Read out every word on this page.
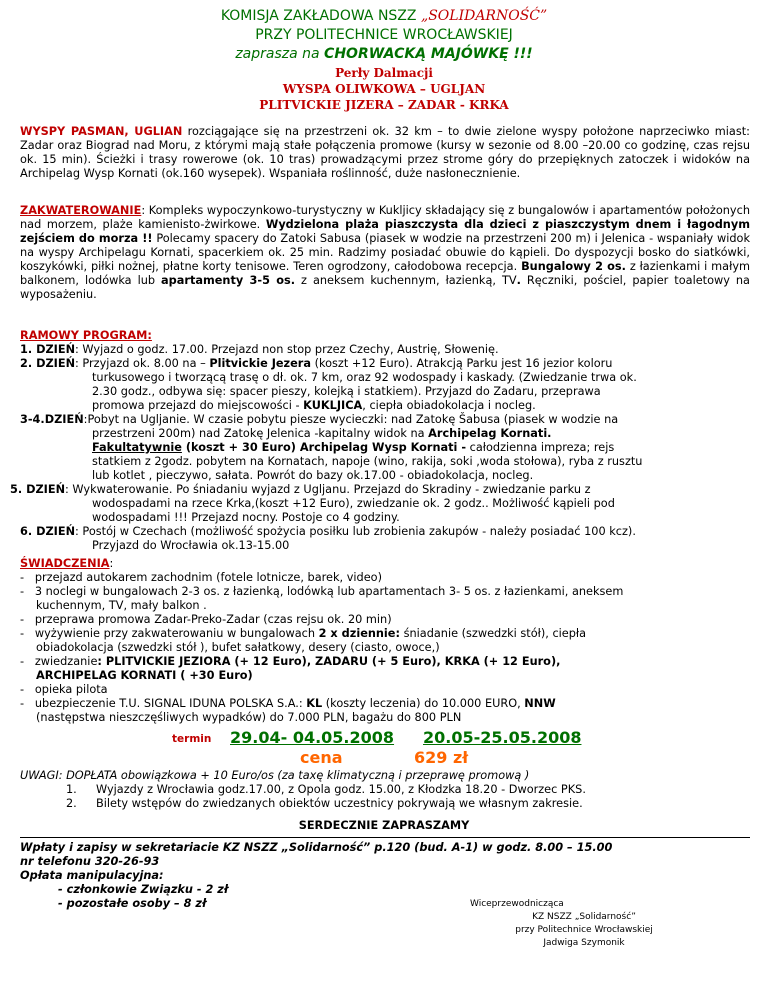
KOMISJA ZAKŁADOWA NSZZ „SOLIDARNOŚĆ”
PRZY POLITECHNICE WROCŁAWSKIEJ
zaprasza na CHORWACKĄ MAJÓWKĘ !!!
Perły Dalmacji
WYSPA OLIWKOWA – UGLJAN
PLITVICKIE JIZERA – ZADAR - KRKA
WYSPY PASMAN, UGLIAN rozciągające się na przestrzeni ok. 32 km – to dwie zielone wyspy położone naprzeciwko miast: Zadar oraz Biograd nad Moru, z którymi mają stałe połączenia promowe (kursy w sezonie od 8.00 –20.00 co godzinę, czas rejsu ok. 15 min). Ścieżki i trasy rowerowe (ok. 10 tras) prowadzącymi przez strome góry do przepięknych zatoczek i widoków na Archipelag Wysp Kornati (ok.160 wysepek). Wspaniała roślinność, duże nasłonecznienie.
ZAKWATEROWANIE: Kompleks wypoczynkowo-turystyczny w Kukljicy składający się z bungalowów i apartamentów położonych nad morzem, plaże kamienisto-żwirkowe. Wydzielona plaża piaszczysta dla dzieci z piaszczystym dnem i łagodnym zejściem do morza !! Polecamy spacery do Zatoki Sabusa (piasek w wodzie na przestrzeni 200 m) i Jelenica - wspaniały widok na wyspy Archipelagu Kornati, spacerkiem ok. 25 min. Radzimy posiadać obuwie do kąpieli. Do dyspozycji bosko do siatkówki, koszykówki, piłki nożnej, płatne korty tenisowe. Teren ogrodzony, całodobowa recepcja. Bungalowy 2 os. z łazienkami i małym balkonem, lodówka lub apartamenty 3-5 os. z aneksem kuchennym, łazienką, TV. Ręczniki, pościel, papier toaletowy na wyposażeniu.
RAMOWY PROGRAM:
1. DZIEŃ: Wyjazd o godz. 17.00. Przejazd non stop przez Czechy, Austrię, Słowenię.
2. DZIEŃ: Przyjazd ok. 8.00 na – Plitvickie Jezera (koszt +12 Euro). Atrakcją Parku jest 16 jezior koloru
turkusowego i tworzącą trasę o dł. ok. 7 km, oraz 92 wodospady i kaskady. (Zwiedzanie trwa ok.
2.30 godz., odbywa się: spacer pieszy, kolejką i statkiem). Przyjazd do Zadaru, przeprawa
promowa przejazd do miejscowości - KUKLJICA, ciepła obiadokolacja i nocleg.
3-4.DZIEŃ:Pobyt na Ugljanie. W czasie pobytu piesze wycieczki: nad Zatokę Šabusa (piasek w wodzie na
przestrzeni 200m) nad Zatokę Jelenica -kapitalny widok na Archipelag Kornati.
Fakultatywnie (koszt + 30 Euro) Archipelag Wysp Kornati - całodzienna impreza; rejs
statkiem z 2godz. pobytem na Kornatach, napoje (wino, rakija, soki ,woda stołowa), ryba z rusztu
lub kotlet , pieczywo, sałata. Powrót do bazy ok.17.00 - obiadokolacja, nocleg.
5. DZIEŃ: Wykwaterowanie. Po śniadaniu wyjazd z Ugljanu. Przejazd do Skradiny - zwiedzanie parku z
wodospadami na rzece Krka,(koszt +12 Euro), zwiedzanie ok. 2 godz.. Możliwość kąpieli pod
wodospadami !!! Przejazd nocny. Postoje co 4 godziny.
6. DZIEŃ: Postój w Czechach (możliwość spożycia posiłku lub zrobienia zakupów - należy posiadać 100 kcz).
Przyjazd do Wrocławia ok.13-15.00
ŚWIADCZENIA:
-   przejazd autokarem zachodnim (fotele lotnicze, barek, video)
-   3 noclegi w bungalowach 2-3 os. z łazienką, lodówką lub apartamentach 3- 5 os. z łazienkami, aneksem
kuchennym, TV, mały balkon .
-   przeprawa promowa Zadar-Preko-Zadar (czas rejsu ok. 20 min)
-   wyżywienie przy zakwaterowaniu w bungalowach 2 x dziennie: śniadanie (szwedzki stół), ciepła
obiadokolacja (szwedzki stół ), bufet sałatkowy, desery (ciasto, owoce,)
-   zwiedzanie: PLITVICKIE JEZIORA (+ 12 Euro), ZADARU (+ 5 Euro), KRKA (+ 12 Euro),
ARCHIPELAG KORNATI ( +30 Euro)
-   opieka pilota
-   ubezpieczenie T.U. SIGNAL IDUNA POLSKA S.A.: KL (koszty leczenia) do 10.000 EURO, NNW
(następstwa nieszczęśliwych wypadków) do 7.000 PLN, bagażu do 800 PLN
termin 29.04- 04.05.2008 20.05-25.05.2008
cena	629 zł
UWAGI: DOPŁATA obowiązkowa + 10 Euro/os (za taxę klimatyczną i przeprawę promową )
1. Wyjazdy z Wrocławia godz.17.00, z Opola godz. 15.00, z Kłodzka 18.20 - Dworzec PKS.
2. Bilety wstępów do zwiedzanych obiektów uczestnicy pokrywają we własnym zakresie.
SERDECZNIE ZAPRASZAMY
Wpłaty i zapisy w sekretariacie KZ NSZZ „Solidarność” p.120 (bud. A-1) w godz. 8.00 – 15.00
nr telefonu 320-26-93
Opłata manipulacyjna:
- członkowie Związku - 2 zł
- pozostałe osoby – 8 zł	Wiceprzewodnicząca
KZ NSZZ „Solidarność”
przy Politechnice Wrocławskiej
Jadwiga Szymonik
